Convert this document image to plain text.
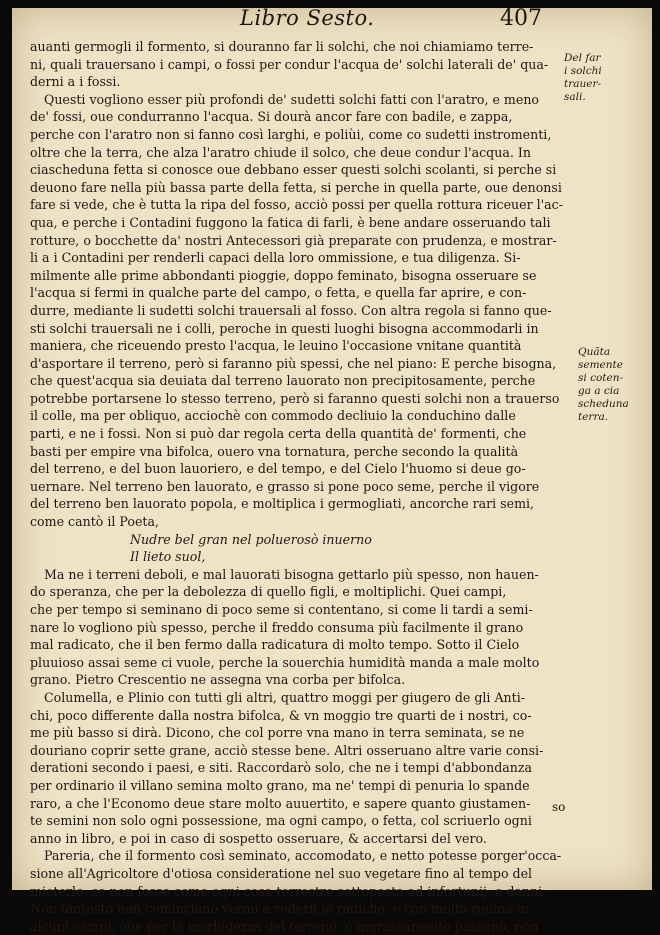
Libro Sesto.	407
Del far
i solchi
trauer-
sali.
Quãta
semente
si coten-
ga a cia
scheduna terra.
auanti germogli il formento, si douranno far li solchi, che noi chiamiamo terre-
ni, quali trauersano i campi, o fossi per condur l'acqua de' solchi laterali de' qua-
derni a i fossi.
Questi vogliono esser più profondi de' sudetti solchi fatti con l'aratro, e meno
de' fossi, oue condurranno l'acqua. Si dourà ancor fare con badile, e zappa,
perche con l'aratro non si fanno così larghi, e poliùi, come co sudetti instromenti,
oltre che la terra, che alza l'aratro chiude il solco, che deue condur l'acqua. In
ciascheduna fetta si conosce oue debbano esser questi solchi scolanti, si perche si
deuono fare nella più bassa parte della fetta, si perche in quella parte, oue denonsi
fare si vede, che è tutta la ripa del fosso, acciò possi per quella rottura riceuer l'ac-
qua, e perche i Contadini fuggono la fatica di farli, è bene andare osseruando tali
rotture, o bocchette da' nostri Antecessori già preparate con prudenza, e mostrar-
li a i Contadini per renderli capaci della loro ommissione, e tua diligenza. Si-
milmente alle prime abbondanti pioggie, doppo feminato, bisogna osseruare se
l'acqua si fermi in qualche parte del campo, o fetta, e quella far aprire, e con-
durre, mediante li sudetti solchi trauersali al fosso. Con altra regola si fanno que-
sti solchi trauersali ne i colli, peroche in questi luoghi bisogna accommodarli in
maniera, che riceuendo presto l'acqua, le leuino l'occasione vnitane quantità
d'asportare il terreno, però si faranno più spessi, che nel piano: E perche bisogna,
che quest'acqua sia deuiata dal terreno lauorato non precipitosamente, perche
potrebbe portarsene lo stesso terreno, però si faranno questi solchi non a trauerso
il colle, ma per obliquo, acciochè con commodo decliuio la conduchino dalle
parti, e ne i fossi. Non si può dar regola certa della quantità de' formenti, che
basti per empire vna bifolca, ouero vna tornatura, perche secondo la qualità
del terreno, e del buon lauoriero, e del tempo, e del Cielo l'huomo si deue go-
uernare. Nel terreno ben lauorato, e grasso si pone poco seme, perche il vigore
del terreno ben lauorato popola, e moltiplica i germogliati, ancorche rari semi,
come cantò il Poeta,
Nudre bel gran nel poluerosò inuerno
Il lieto suol,
Ma ne i terreni deboli, e mal lauorati bisogna gettarlo più spesso, non hauen-
do speranza, che per la debolezza di quello figli, e moltiplichi. Quei campi,
che per tempo si seminano di poco seme si contentano, si come li tardi a semi-
nare lo vogliono più spesso, perche il freddo consuma più facilmente il grano
mal radicato, che il ben fermo dalla radicatura di molto tempo. Sotto il Cielo
pluuioso assai seme ci vuole, perche la souerchia humidità manda a male molto
grano. Pietro Crescentio ne assegna vna corba per bifolca.
Columella, e Plinio con tutti gli altri, quattro moggi per giugero de gli Anti-
chi, poco differente dalla nostra bifolca, & vn moggio tre quarti de i nostri, co-
me più basso si dirà. Dicono, che col porre vna mano in terra seminata, se ne
douriano coprir sette grane, acciò stesse bene. Altri osseruano altre varie consi-
derationi secondo i paesi, e siti. Raccordarò solo, che ne i tempi d'abbondanza
per ordinario il villano semina molto grano, ma ne' tempi di penuria lo spande
raro, a che l'Economo deue stare molto auuertito, e sapere quanto giustamen-
te semini non solo ogni possessione, ma ogni campo, o fetta, col scriuerlo ogni
anno in libro, e poi in caso di sospetto osseruare, & accertarsi del vero.
Pareria, che il formento così seminato, accomodato, e netto potesse porger'occa-
sione all'Agricoltore d'otiosa consideratione nel suo vegetare fino al tempo del
mieterlo, se non fosse come ogni cosa terrestre sottoposta ad infortunij, e danni.
Non tantosto non cominciano vermi a roderli le radiche, e con molta rouina in
alcuni campi, oue per la morbidezza del terreno, o ingrassamento passono, non
so
